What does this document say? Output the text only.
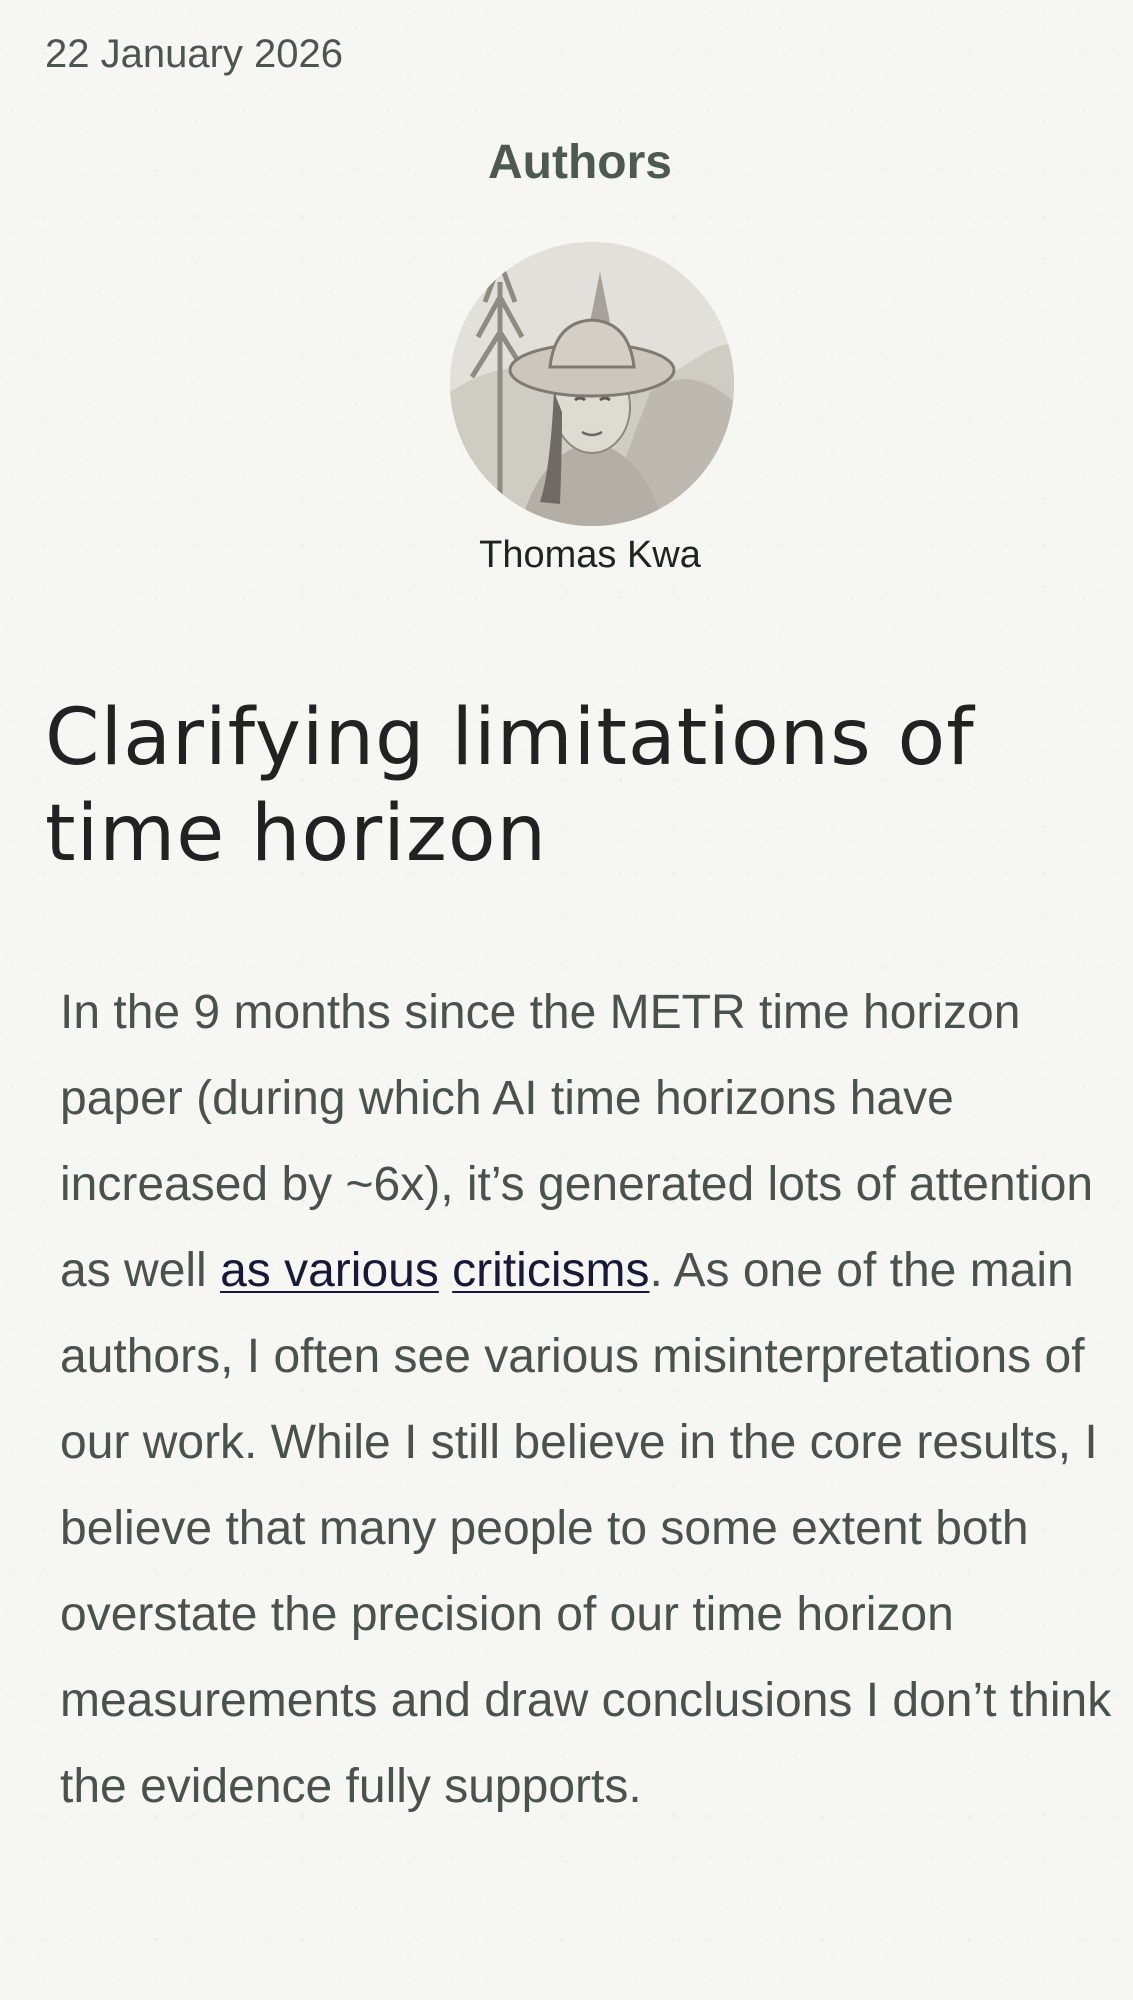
22 January 2026
Authors
Thomas Kwa
Clarifying limitations of time horizon

In the 9 months since the METR time horizon paper (during which AI time horizons have increased by ~6x), it’s generated lots of attention as well as various criticisms. As one of the main authors, I often see various misinterpretations of our work. While I still believe in the core results, I believe that many people to some extent both overstate the precision of our time horizon measurements and draw conclusions I don’t think the evidence fully supports.
